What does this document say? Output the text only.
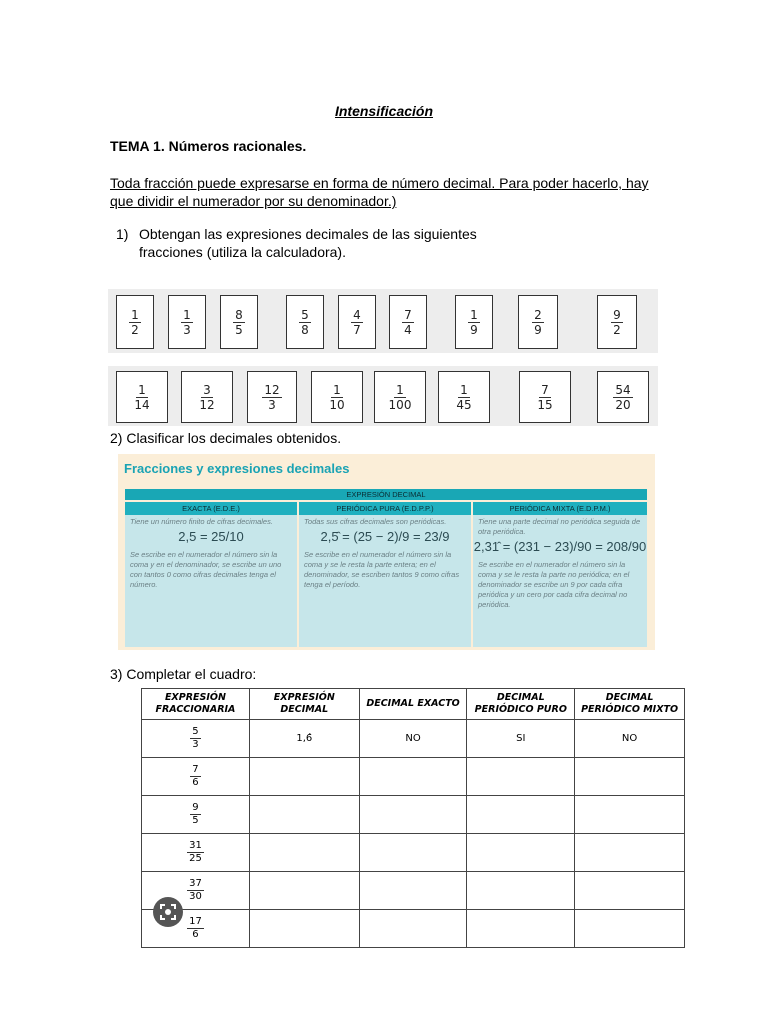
Intensificación
TEMA 1. Números racionales.
Toda fracción puede expresarse en forma de número decimal. Para poder hacerlo, hay que dividir el numerador por su denominador.)
1) Obtengan las expresiones decimales de las siguientes fracciones (utiliza la calculadora).
$\frac{1}{2} \frac{1}{3} \frac{8}{5} \frac{5}{8} \frac{4}{7} \frac{7}{4} \frac{1}{9} \frac{2}{9}$	$\frac{9}{2}$
$\frac{1}{14} \frac{3}{12} \frac{12}{3} \frac{1}{10} \frac{1}{100} \frac{1}{45} \frac{7}{15} \frac{54}{20}$
2) Clasificar los decimales obtenidos.
Fracciones y expresiones decimales
EXPRESIÓN DECIMAL
EXACTA (E.D.E.)
Tiene un número finito de cifras decimales.
2,5 = 25/10
Se escribe en el numerador el número sin la coma y en el denominador, se escribe un uno con tantos 0 como cifras decimales tenga el número.
PERIÓDICA PURA (E.D.P.P.)
Todas sus cifras decimales son periódicas.
2,5̂ = (25 − 2)/9 = 23/9
Se escribe en el numerador el número sin la coma y se le resta la parte entera; en el denominador, se escriben tantos 9 como cifras tenga el período.
PERIÓDICA MIXTA (E.D.P.M.)
Tiene una parte decimal no periódica seguida de otra periódica.
2,31̂ = (231 − 23)/90 = 208/90
Se escribe en el numerador el número sin la coma y se le resta la parte no periódica; en el denominador se escribe un 9 por cada cifra periódica y un cero por cada cifra decimal no periódica.
3) Completar el cuadro:
EXPRESIÓN FRACCIONARIA	EXPRESIÓN DECIMAL	DECIMAL EXACTO	DECIMAL PERIÓDICO PURO	DECIMAL PERIÓDICO MIXTO

$\frac{5}{3}$	1,6̂	NO	SI	NO

$\frac{7}{6}$

$\frac{9}{5}$

$\frac{31}{25}$

$\frac{37}{30}$

$\frac{17}{6}$
